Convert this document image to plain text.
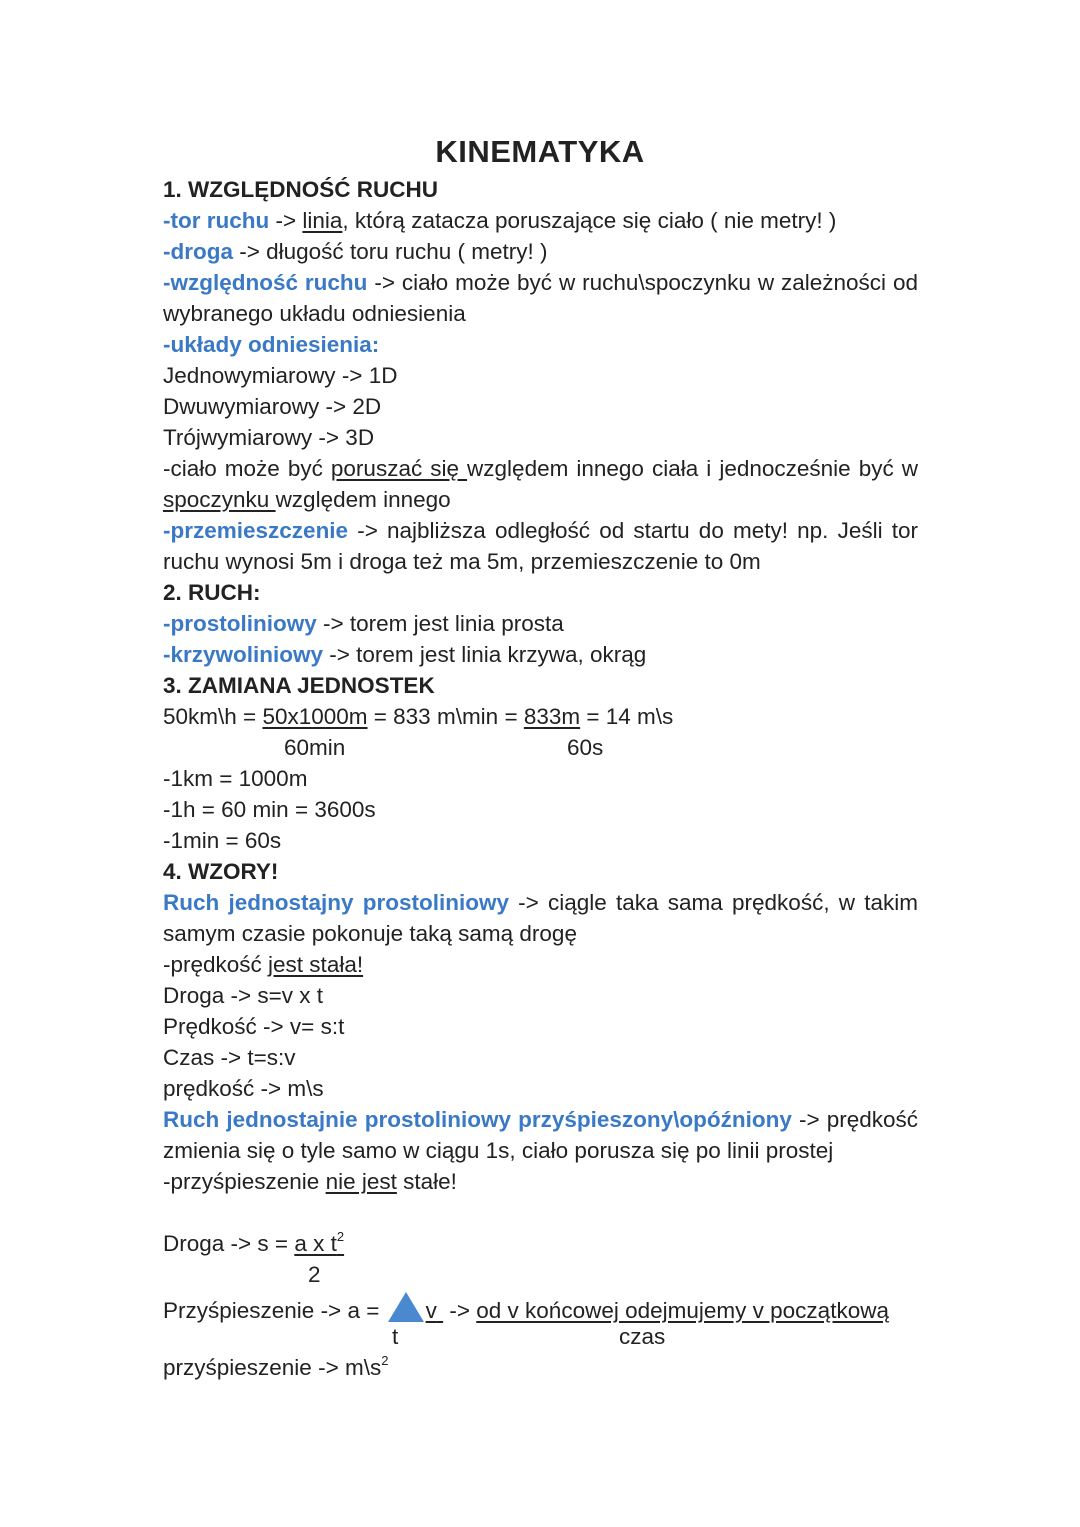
KINEMATYKA
1. WZGLĘDNOŚĆ RUCHU
-tor ruchu -> linia, którą zatacza poruszające się ciało ( nie metry! )
-droga -> długość toru ruchu ( metry! )
-względność ruchu -> ciało może być w ruchu\spoczynku w zależności od
wybranego układu odniesienia
-układy odniesienia:
Jednowymiarowy -> 1D
Dwuwymiarowy -> 2D
Trójwymiarowy -> 3D
-ciało może być poruszać się względem innego ciała i jednocześnie być w
spoczynku względem innego
-przemieszczenie -> najbliższa odległość od startu do mety! np. Jeśli tor
ruchu wynosi 5m i droga też ma 5m, przemieszczenie to 0m
2. RUCH:
-prostoliniowy -> torem jest linia prosta
-krzywoliniowy -> torem jest linia krzywa, okrąg
3. ZAMIANA JEDNOSTEK
50km\h = 50x1000m = 833 m\min = 833m = 14 m\s
60min	60s
-1km = 1000m
-1h = 60 min = 3600s
-1min = 60s
4. WZORY!
Ruch jednostajny prostoliniowy -> ciągle taka sama prędkość, w takim
samym czasie pokonuje taką samą drogę
-prędkość jest stała!
Droga -> s=v x t
Prędkość -> v= s:t
Czas -> t=s:v
prędkość -> m\s
Ruch jednostajnie prostoliniowy przyśpieszony\opóźniony -> prędkość
zmienia się o tyle samo w ciągu 1s, ciało porusza się po linii prostej
-przyśpieszenie nie jest stałe!
Droga -> s = a x $t^2$
2
Przyśpieszenie -> a =
v  -> od v końcowej odejmujemy v początkową
t	czas
przyśpieszenie -> $m\backslash s^2$
